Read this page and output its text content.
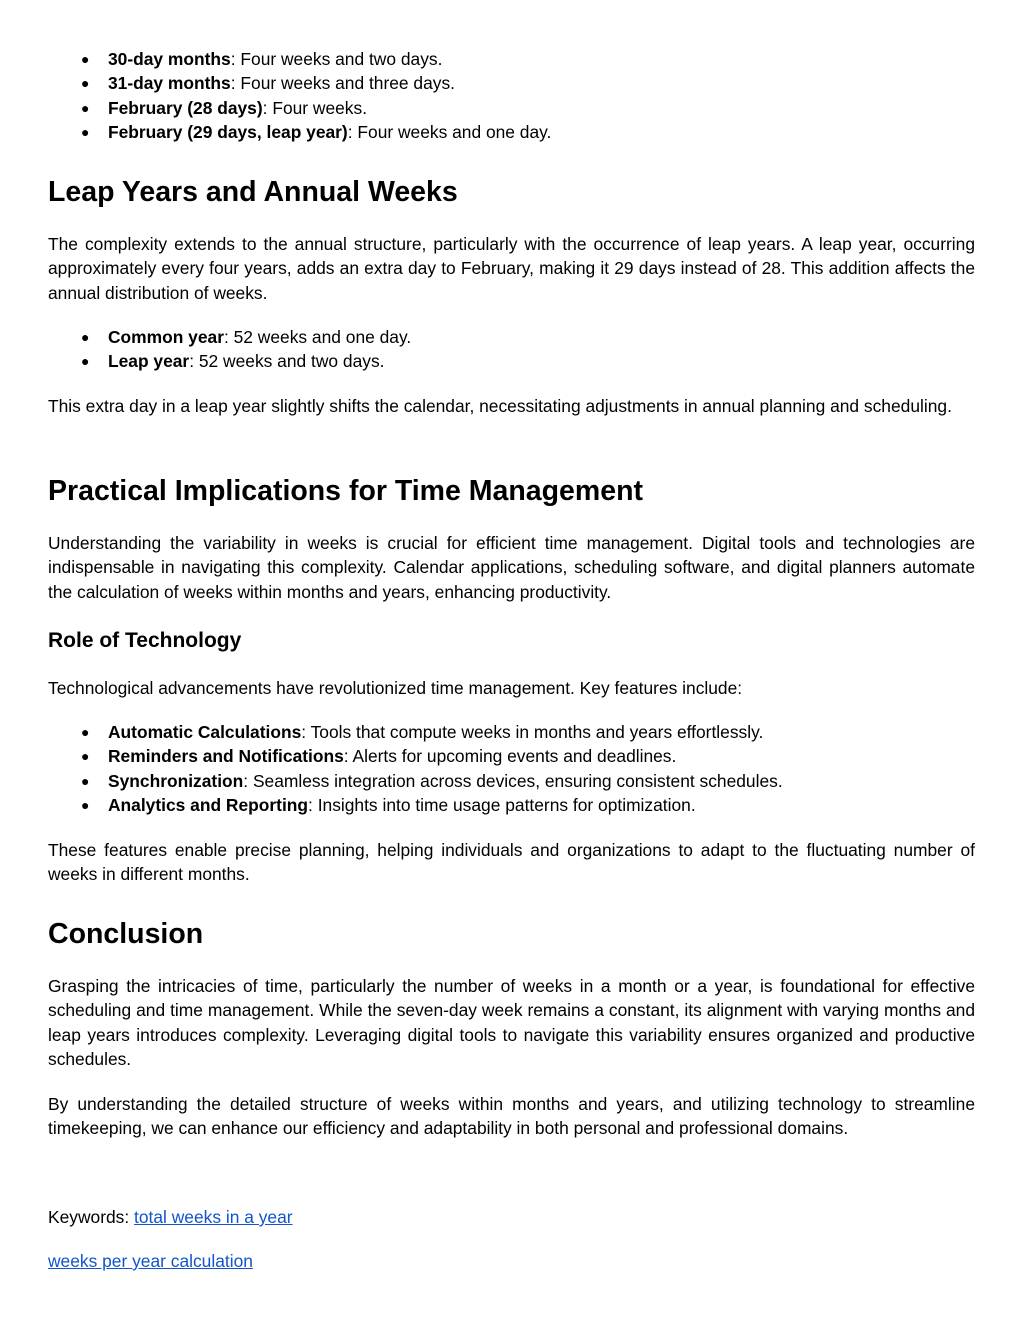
● 30-day months: Four weeks and two days.
● 31-day months: Four weeks and three days.
● February (28 days): Four weeks.
● February (29 days, leap year): Four weeks and one day.
Leap Years and Annual Weeks

The complexity extends to the annual structure, particularly with the occurrence of leap years. A leap year, occurring approximately every four years, adds an extra day to February, making it 29 days instead of 28. This addition affects the annual distribution of weeks.

● Common year: 52 weeks and one day.
● Leap year: 52 weeks and two days.

This extra day in a leap year slightly shifts the calendar, necessitating adjustments in annual planning and scheduling.

Practical Implications for Time Management

Understanding the variability in weeks is crucial for efficient time management. Digital tools and technologies are indispensable in navigating this complexity. Calendar applications, scheduling software, and digital planners automate the calculation of weeks within months and years, enhancing productivity.

Role of Technology

Technological advancements have revolutionized time management. Key features include:

● Automatic Calculations: Tools that compute weeks in months and years effortlessly.
● Reminders and Notifications: Alerts for upcoming events and deadlines.
● Synchronization: Seamless integration across devices, ensuring consistent schedules.
● Analytics and Reporting: Insights into time usage patterns for optimization.

These features enable precise planning, helping individuals and organizations to adapt to the fluctuating number of weeks in different months.

Conclusion

Grasping the intricacies of time, particularly the number of weeks in a month or a year, is foundational for effective scheduling and time management. While the seven-day week remains a constant, its alignment with varying months and leap years introduces complexity. Leveraging digital tools to navigate this variability ensures organized and productive schedules.

By understanding the detailed structure of weeks within months and years, and utilizing technology to streamline timekeeping, we can enhance our efficiency and adaptability in both personal and professional domains.

Keywords: total weeks in a year

weeks per year calculation
